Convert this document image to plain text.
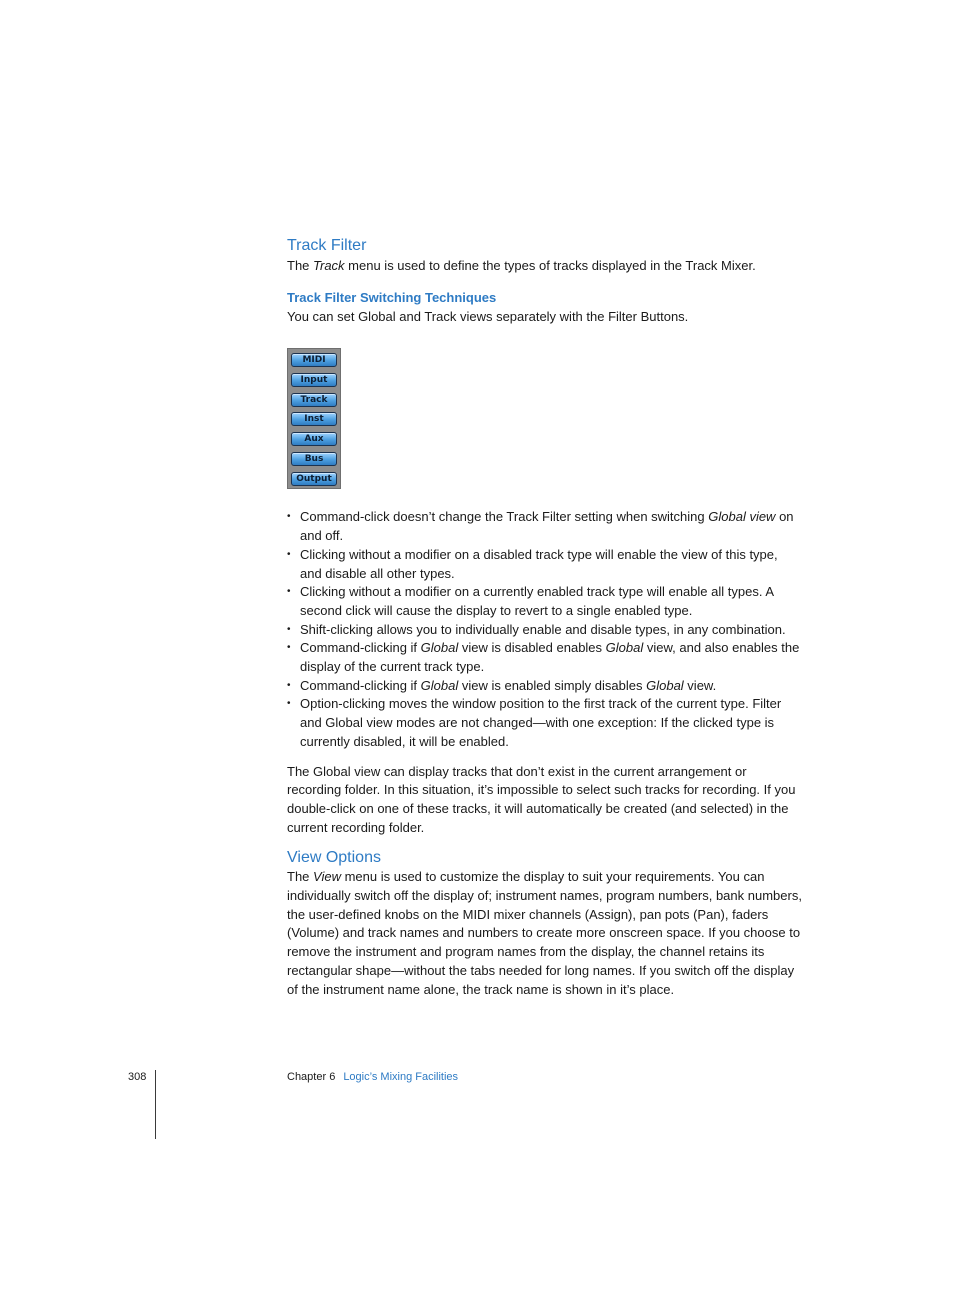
Track Filter

The Track menu is used to define the types of tracks displayed in the Track Mixer.

Track Filter Switching Techniques

You can set Global and Track views separately with the Filter Buttons.

MIDI
Input
Track
Inst
Aux
Bus
Output
• Command-click doesn’t change the Track Filter setting when switching Global view on and off.
• Clicking without a modifier on a disabled track type will enable the view of this type, and disable all other types.
• Clicking without a modifier on a currently enabled track type will enable all types. A second click will cause the display to revert to a single enabled type.
• Shift-clicking allows you to individually enable and disable types, in any combination.
• Command-clicking if Global view is disabled enables Global view, and also enables the display of the current track type.
• Command-clicking if Global view is enabled simply disables Global view.
• Option-clicking moves the window position to the first track of the current type. Filter and Global view modes are not changed—with one exception: If the clicked type is currently disabled, it will be enabled.

The Global view can display tracks that don’t exist in the current arrangement or recording folder. In this situation, it’s impossible to select such tracks for recording. If you double-click on one of these tracks, it will automatically be created (and selected) in the current recording folder.

View Options

The View menu is used to customize the display to suit your requirements. You can individually switch off the display of; instrument names, program numbers, bank numbers, the user-defined knobs on the MIDI mixer channels (Assign), pan pots (Pan), faders (Volume) and track names and numbers to create more onscreen space. If you choose to remove the instrument and program names from the display, the channel retains its rectangular shape—without the tabs needed for long names. If you switch off the display of the instrument name alone, the track name is shown in it’s place.

308	Chapter 6 Logic’s Mixing Facilities
